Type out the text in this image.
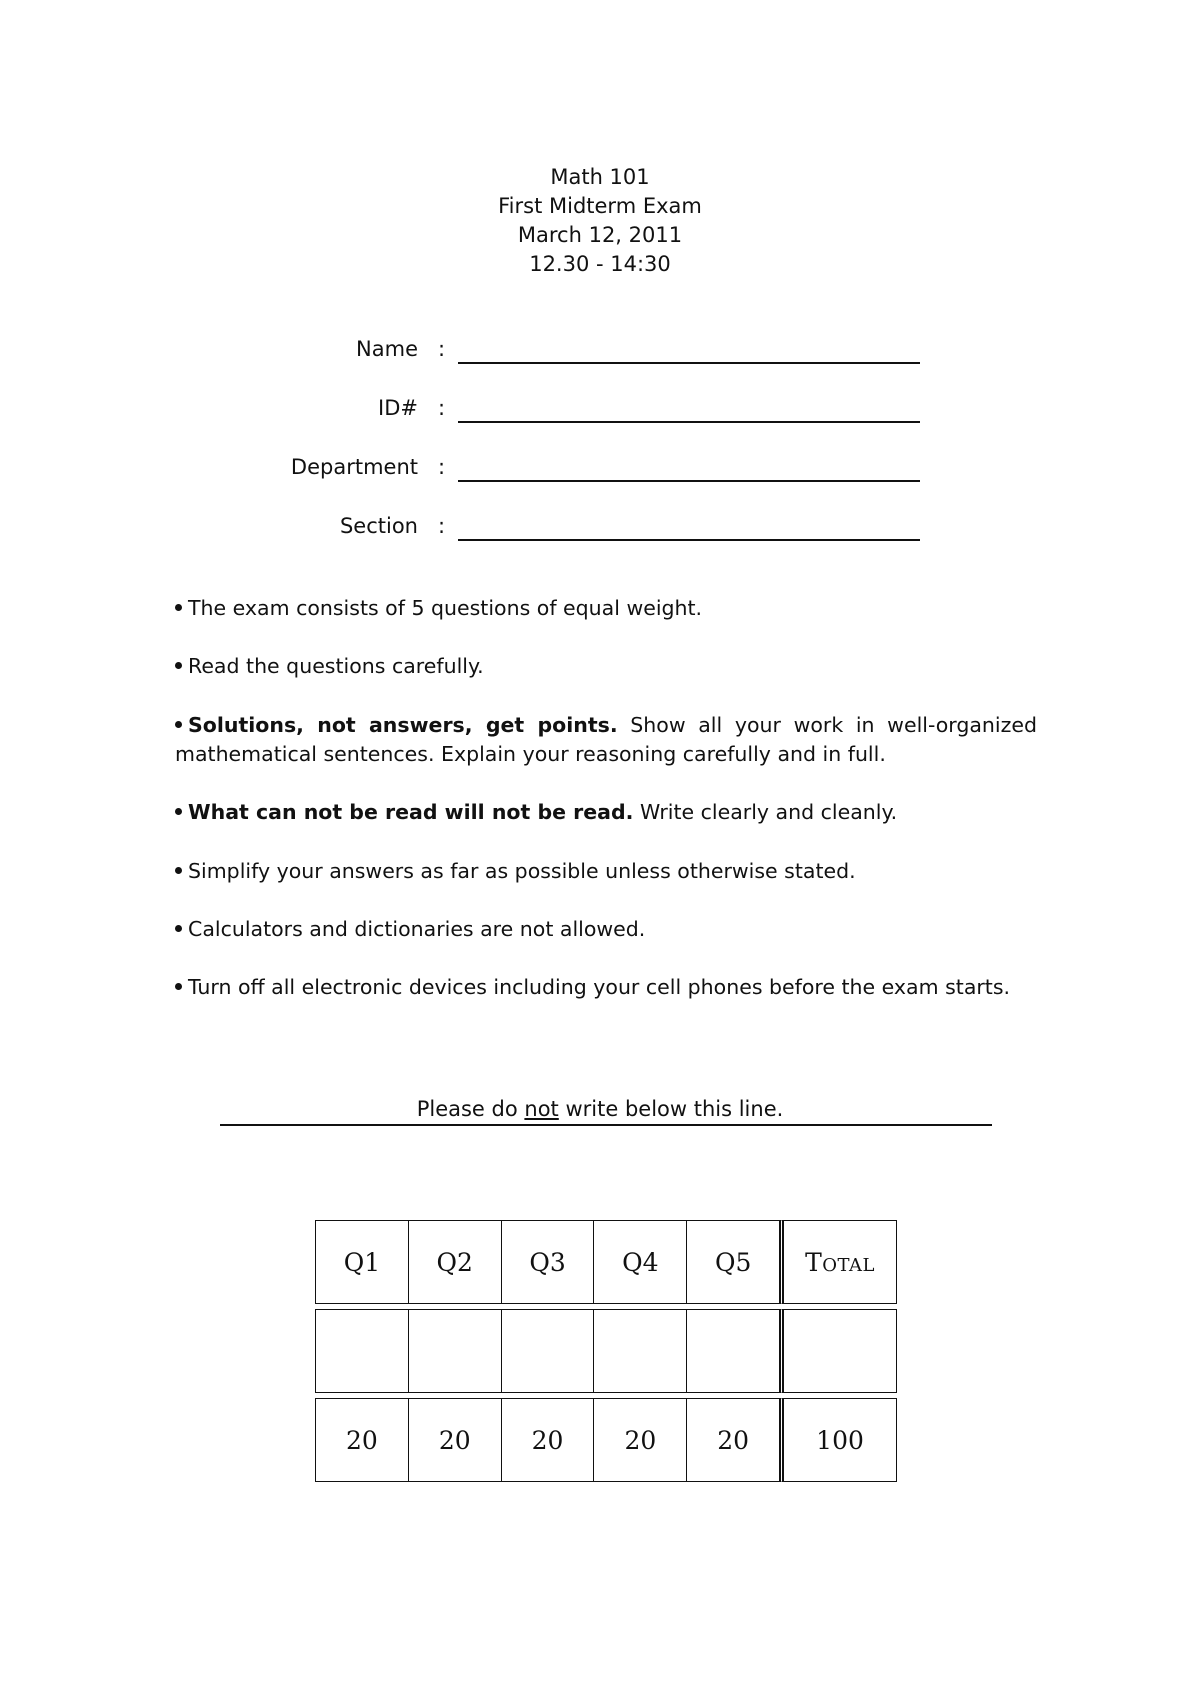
Math 101
First Midterm Exam
March 12, 2011
12.30 - 14:30
Name :
ID# :
Department :
Section :
The exam consists of 5 questions of equal weight.
Read the questions carefully.
Solutions, not answers, get points. Show all your work in well-organized mathematical sentences. Explain your reasoning carefully and in full.
What can not be read will not be read. Write clearly and cleanly.
Simplify your answers as far as possible unless otherwise stated.
Calculators and dictionaries are not allowed.
Turn off all electronic devices including your cell phones before the exam starts.
Please do not write below this line.
Q1	Q2	Q3	Q4	Q5	Total

20	20	20	20	20	100
